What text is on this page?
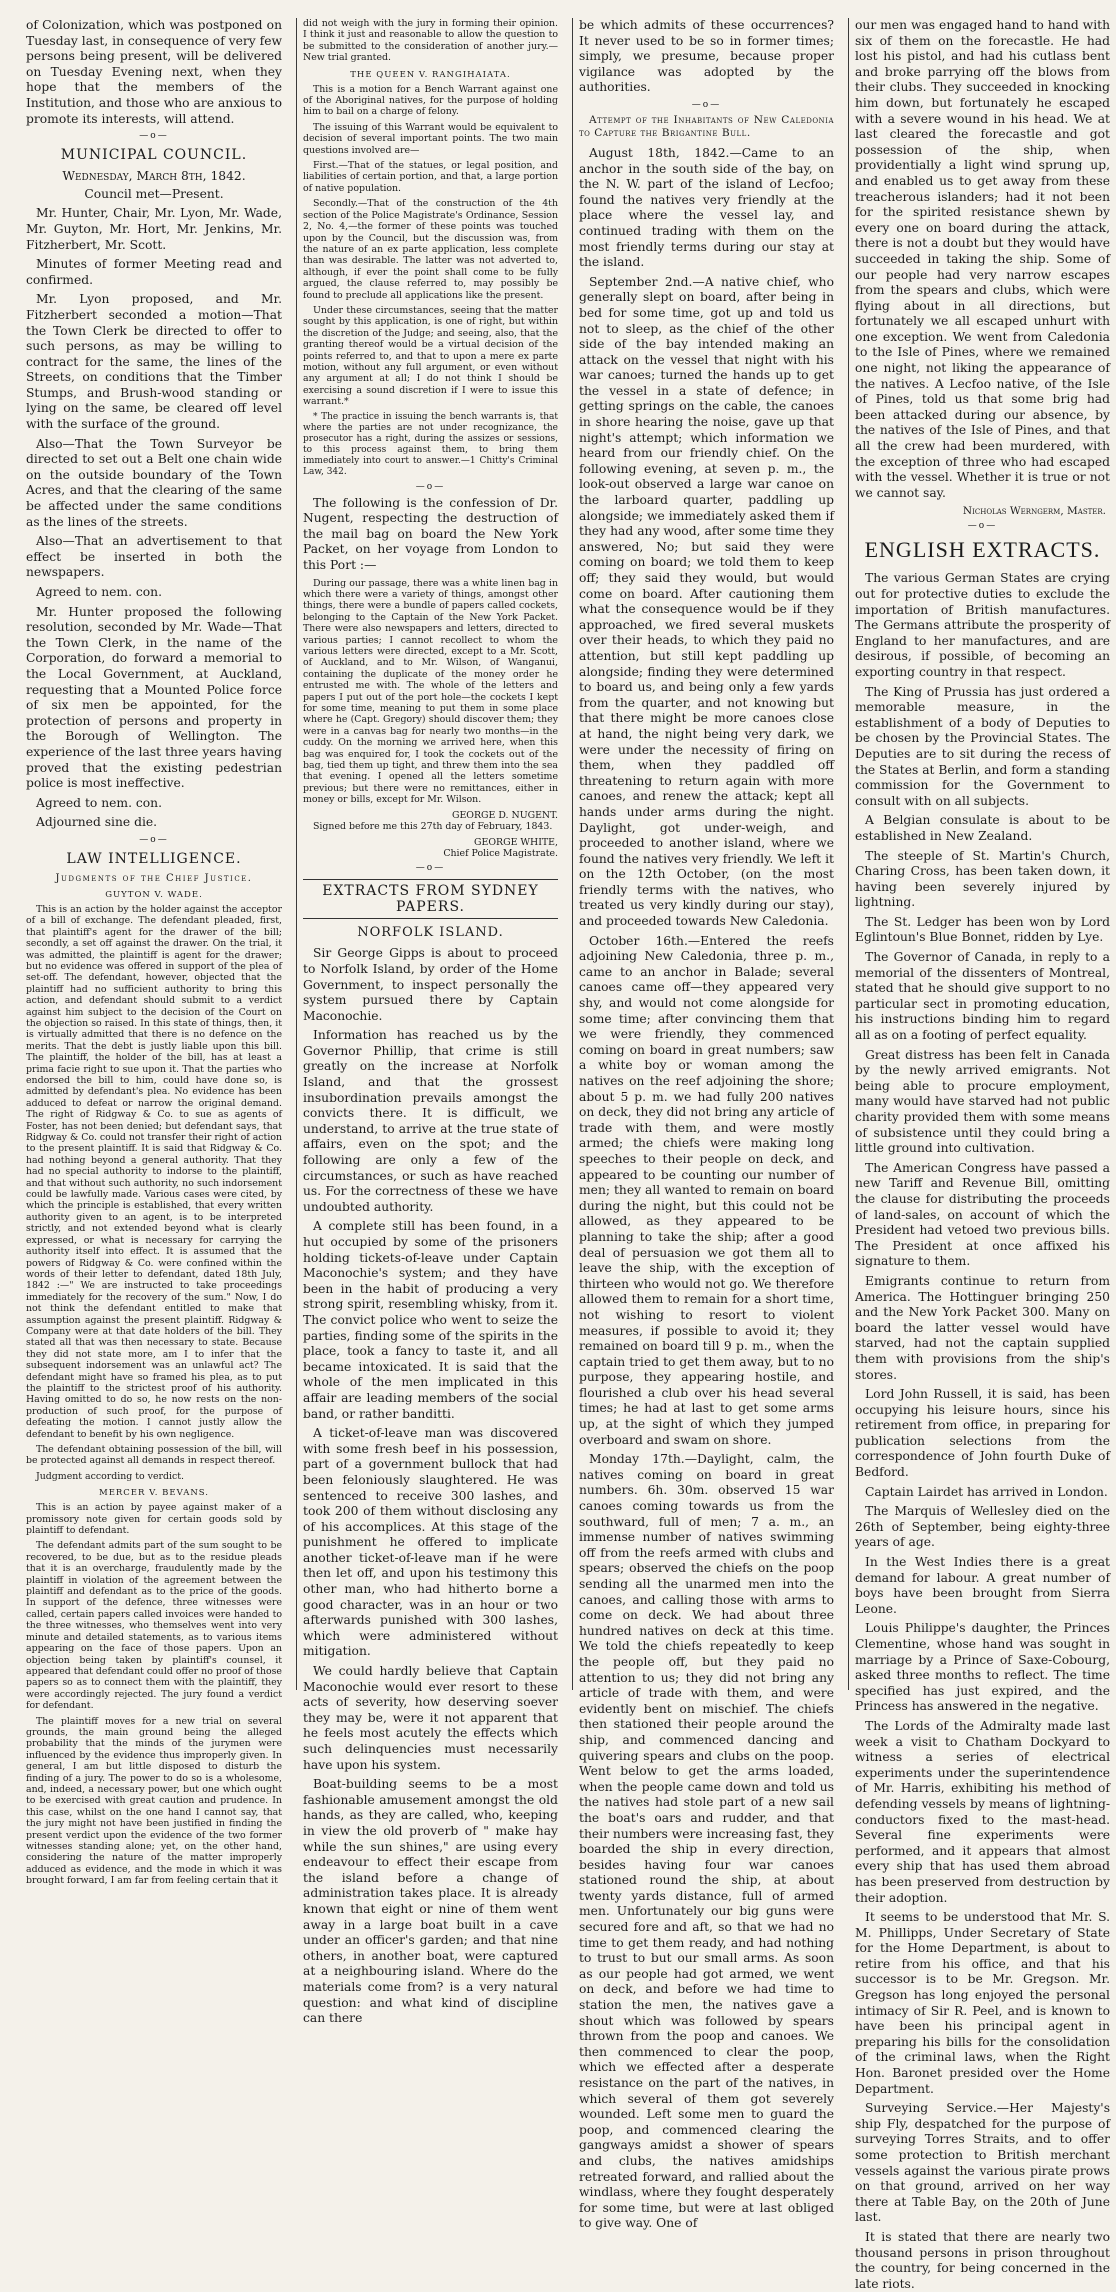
of Colonization, which was postponed on Tuesday last, in consequence of very few persons being present, will be delivered on Tuesday Evening next, when they hope that the members of the Institution, and those who are anxious to promote its interests, will attend.

—o—
MUNICIPAL COUNCIL.
Wednesday, March 8th, 1842.

Council met—Present.

Mr. Hunter, Chair, Mr. Lyon, Mr. Wade, Mr. Guyton, Mr. Hort, Mr. Jenkins, Mr. Fitzherbert, Mr. Scott.

Minutes of former Meeting read and confirmed.

Mr. Lyon proposed, and Mr. Fitzherbert seconded a motion—That the Town Clerk be directed to offer to such persons, as may be willing to contract for the same, the lines of the Streets, on conditions that the Timber Stumps, and Brush-wood standing or lying on the same, be cleared off level with the surface of the ground.

Also—That the Town Surveyor be directed to set out a Belt one chain wide on the outside boundary of the Town Acres, and that the clearing of the same be affected under the same conditions as the lines of the streets.

Also—That an advertisement to that effect be inserted in both the newspapers.

Agreed to nem. con.

Mr. Hunter proposed the following resolution, seconded by Mr. Wade—That the Town Clerk, in the name of the Corporation, do forward a memorial to the Local Government, at Auckland, requesting that a Mounted Police force of six men be appointed, for the protection of persons and property in the Borough of Wellington. The experience of the last three years having proved that the existing pedestrian police is most ineffective.

Agreed to nem. con.

Adjourned sine die.

—o—
LAW INTELLIGENCE.
Judgments of the Chief Justice.
GUYTON V. WADE.

This is an action by the holder against the acceptor of a bill of exchange. The defendant pleaded, first, that plaintiff's agent for the drawer of the bill; secondly, a set off against the drawer. On the trial, it was admitted, the plaintiff is agent for the drawer; but no evidence was offered in support of the plea of set-off. The defendant, however, objected that the plaintiff had no sufficient authority to bring this action, and defendant should submit to a verdict against him subject to the decision of the Court on the objection so raised. In this state of things, then, it is virtually admitted that there is no defence on the merits. That the debt is justly liable upon this bill. The plaintiff, the holder of the bill, has at least a prima facie right to sue upon it. That the parties who endorsed the bill to him, could have done so, is admitted by defendant's plea. No evidence has been adduced to defeat or narrow the original demand. The right of Ridgway & Co. to sue as agents of Foster, has not been denied; but defendant says, that Ridgway & Co. could not transfer their right of action to the present plaintiff. It is said that Ridgway & Co. had nothing beyond a general authority. That they had no special authority to indorse to the plaintiff, and that without such authority, no such indorsement could be lawfully made. Various cases were cited, by which the principle is established, that every written authority given to an agent, is to be interpreted strictly, and not extended beyond what is clearly expressed, or what is necessary for carrying the authority itself into effect. It is assumed that the powers of Ridgway & Co. were confined within the words of their letter to defendant, dated 18th July, 1842 :—" We are instructed to take proceedings immediately for the recovery of the sum." Now, I do not think the defendant entitled to make that assumption against the present plaintiff. Ridgway & Company were at that date holders of the bill. They stated all that was then necessary to state. Because they did not state more, am I to infer that the subsequent indorsement was an unlawful act? The defendant might have so framed his plea, as to put the plaintiff to the strictest proof of his authority. Having omitted to do so, he now rests on the non-production of such proof, for the purpose of defeating the motion. I cannot justly allow the defendant to benefit by his own negligence.

The defendant obtaining possession of the bill, will be protected against all demands in respect thereof.

Judgment according to verdict.

MERCER V. BEVANS.

This is an action by payee against maker of a promissory note given for certain goods sold by plaintiff to defendant.

The defendant admits part of the sum sought to be recovered, to be due, but as to the residue pleads that it is an overcharge, fraudulently made by the plaintiff in violation of the agreement between the plaintiff and defendant as to the price of the goods. In support of the defence, three witnesses were called, certain papers called invoices were handed to the three witnesses, who themselves went into very minute and detailed statements, as to various items appearing on the face of those papers. Upon an objection being taken by plaintiff's counsel, it appeared that defendant could offer no proof of those papers so as to connect them with the plaintiff, they were accordingly rejected. The jury found a verdict for defendant.

The plaintiff moves for a new trial on several grounds, the main ground being the alleged probability that the minds of the jurymen were influenced by the evidence thus improperly given. In general, I am but little disposed to disturb the finding of a jury. The power to do so is a wholesome, and, indeed, a necessary power, but one which ought to be exercised with great caution and prudence. In this case, whilst on the one hand I cannot say, that the jury might not have been justified in finding the present verdict upon the evidence of the two former witnesses standing alone; yet, on the other hand, considering the nature of the matter improperly adduced as evidence, and the mode in which it was brought forward, I am far from feeling certain that it

did not weigh with the jury in forming their opinion. I think it just and reasonable to allow the question to be submitted to the consideration of another jury.—New trial granted.

THE QUEEN V. RANGIHAIATA.

This is a motion for a Bench Warrant against one of the Aboriginal natives, for the purpose of holding him to bail on a charge of felony.

The issuing of this Warrant would be equivalent to decision of several important points. The two main questions involved are—

First.—That of the statues, or legal position, and liabilities of certain portion, and that, a large portion of native population.

Secondly.—That of the construction of the 4th section of the Police Magistrate's Ordinance, Session 2, No. 4,—the former of these points was touched upon by the Council, but the discussion was, from the nature of an ex parte application, less complete than was desirable. The latter was not adverted to, although, if ever the point shall come to be fully argued, the clause referred to, may possibly be found to preclude all applications like the present.

Under these circumstances, seeing that the matter sought by this application, is one of right, but within the discretion of the Judge; and seeing, also, that the granting thereof would be a virtual decision of the points referred to, and that to upon a mere ex parte motion, without any full argument, or even without any argument at all; I do not think I should be exercising a sound discretion if I were to issue this warrant.*

* The practice in issuing the bench warrants is, that where the parties are not under recognizance, the prosecutor has a right, during the assizes or sessions, to this process against them, to bring them immediately into court to answer.—1 Chitty's Criminal Law, 342.

—o—

The following is the confession of Dr. Nugent, respecting the destruction of the mail bag on board the New York Packet, on her voyage from London to this Port :—

During our passage, there was a white linen bag in which there were a variety of things, amongst other things, there were a bundle of papers called cockets, belonging to the Captain of the New York Packet. There were also newspapers and letters, directed to various parties; I cannot recollect to whom the various letters were directed, except to a Mr. Scott, of Auckland, and to Mr. Wilson, of Wanganui, containing the duplicate of the money order he entrusted me with. The whole of the letters and papers I put out of the port hole—the cockets I kept for some time, meaning to put them in some place where he (Capt. Gregory) should discover them; they were in a canvas bag for nearly two months—in the cuddy. On the morning we arrived here, when this bag was enquired for, I took the cockets out of the bag, tied them up tight, and threw them into the sea that evening. I opened all the letters sometime previous; but there were no remittances, either in money or bills, except for Mr. Wilson.

GEORGE D. NUGENT.

Signed before me this 27th day of February, 1843.

GEORGE WHITE,

Chief Police Magistrate.

—o—
EXTRACTS FROM SYDNEY PAPERS.
NORFOLK ISLAND.

Sir George Gipps is about to proceed to Norfolk Island, by order of the Home Government, to inspect personally the system pursued there by Captain Maconochie.

Information has reached us by the Governor Phillip, that crime is still greatly on the increase at Norfolk Island, and that the grossest insubordination prevails amongst the convicts there. It is difficult, we understand, to arrive at the true state of affairs, even on the spot; and the following are only a few of the circumstances, or such as have reached us. For the correctness of these we have undoubted authority.

A complete still has been found, in a hut occupied by some of the prisoners holding tickets-of-leave under Captain Maconochie's system; and they have been in the habit of producing a very strong spirit, resembling whisky, from it. The convict police who went to seize the parties, finding some of the spirits in the place, took a fancy to taste it, and all became intoxicated. It is said that the whole of the men implicated in this affair are leading members of the social band, or rather banditti.

A ticket-of-leave man was discovered with some fresh beef in his possession, part of a government bullock that had been feloniously slaughtered. He was sentenced to receive 300 lashes, and took 200 of them without disclosing any of his accomplices. At this stage of the punishment he offered to implicate another ticket-of-leave man if he were then let off, and upon his testimony this other man, who had hitherto borne a good character, was in an hour or two afterwards punished with 300 lashes, which were administered without mitigation.

We could hardly believe that Captain Maconochie would ever resort to these acts of severity, how deserving soever they may be, were it not apparent that he feels most acutely the effects which such delinquencies must necessarily have upon his system.

Boat-building seems to be a most fashionable amusement amongst the old hands, as they are called, who, keeping in view the old proverb of " make hay while the sun shines," are using every endeavour to effect their escape from the island before a change of administration takes place. It is already known that eight or nine of them went away in a large boat built in a cave under an officer's garden; and that nine others, in another boat, were captured at a neighbouring island. Where do the materials come from? is a very natural question: and what kind of discipline can there

be which admits of these occurrences? It never used to be so in former times; simply, we presume, because proper vigilance was adopted by the authorities.

—o—

Attempt of the Inhabitants of New Caledonia to Capture the Brigantine Bull.

August 18th, 1842.—Came to an anchor in the south side of the bay, on the N. W. part of the island of Lecfoo; found the natives very friendly at the place where the vessel lay, and continued trading with them on the most friendly terms during our stay at the island.

September 2nd.—A native chief, who generally slept on board, after being in bed for some time, got up and told us not to sleep, as the chief of the other side of the bay intended making an attack on the vessel that night with his war canoes; turned the hands up to get the vessel in a state of defence; in getting springs on the cable, the canoes in shore hearing the noise, gave up that night's attempt; which information we heard from our friendly chief. On the following evening, at seven p. m., the look-out observed a large war canoe on the larboard quarter, paddling up alongside; we immediately asked them if they had any wood, after some time they answered, No; but said they were coming on board; we told them to keep off; they said they would, but would come on board. After cautioning them what the consequence would be if they approached, we fired several muskets over their heads, to which they paid no attention, but still kept paddling up alongside; finding they were determined to board us, and being only a few yards from the quarter, and not knowing but that there might be more canoes close at hand, the night being very dark, we were under the necessity of firing on them, when they paddled off threatening to return again with more canoes, and renew the attack; kept all hands under arms during the night. Daylight, got under-weigh, and proceeded to another island, where we found the natives very friendly. We left it on the 12th October, (on the most friendly terms with the natives, who treated us very kindly during our stay), and proceeded towards New Caledonia.

October 16th.—Entered the reefs adjoining New Caledonia, three p. m., came to an anchor in Balade; several canoes came off—they appeared very shy, and would not come alongside for some time; after convincing them that we were friendly, they commenced coming on board in great numbers; saw a white boy or woman among the natives on the reef adjoining the shore; about 5 p. m. we had fully 200 natives on deck, they did not bring any article of trade with them, and were mostly armed; the chiefs were making long speeches to their people on deck, and appeared to be counting our number of men; they all wanted to remain on board during the night, but this could not be allowed, as they appeared to be planning to take the ship; after a good deal of persuasion we got them all to leave the ship, with the exception of thirteen who would not go. We therefore allowed them to remain for a short time, not wishing to resort to violent measures, if possible to avoid it; they remained on board till 9 p. m., when the captain tried to get them away, but to no purpose, they appearing hostile, and flourished a club over his head several times; he had at last to get some arms up, at the sight of which they jumped overboard and swam on shore.

Monday 17th.—Daylight, calm, the natives coming on board in great numbers. 6h. 30m. observed 15 war canoes coming towards us from the southward, full of men; 7 a. m., an immense number of natives swimming off from the reefs armed with clubs and spears; observed the chiefs on the poop sending all the unarmed men into the canoes, and calling those with arms to come on deck. We had about three hundred natives on deck at this time. We told the chiefs repeatedly to keep the people off, but they paid no attention to us; they did not bring any article of trade with them, and were evidently bent on mischief. The chiefs then stationed their people around the ship, and commenced dancing and quivering spears and clubs on the poop. Went below to get the arms loaded, when the people came down and told us the natives had stole part of a new sail the boat's oars and rudder, and that their numbers were increasing fast, they boarded the ship in every direction, besides having four war canoes stationed round the ship, at about twenty yards distance, full of armed men. Unfortunately our big guns were secured fore and aft, so that we had no time to get them ready, and had nothing to trust to but our small arms. As soon as our people had got armed, we went on deck, and before we had time to station the men, the natives gave a shout which was followed by spears thrown from the poop and canoes. We then commenced to clear the poop, which we effected after a desperate resistance on the part of the natives, in which several of them got severely wounded. Left some men to guard the poop, and commenced clearing the gangways amidst a shower of spears and clubs, the natives amidships retreated forward, and rallied about the windlass, where they fought desperately for some time, but were at last obliged to give way. One of

our men was engaged hand to hand with six of them on the forecastle. He had lost his pistol, and had his cutlass bent and broke parrying off the blows from their clubs. They succeeded in knocking him down, but fortunately he escaped with a severe wound in his head. We at last cleared the forecastle and got possession of the ship, when providentially a light wind sprung up, and enabled us to get away from these treacherous islanders; had it not been for the spirited resistance shewn by every one on board during the attack, there is not a doubt but they would have succeeded in taking the ship. Some of our people had very narrow escapes from the spears and clubs, which were flying about in all directions, but fortunately we all escaped unhurt with one exception. We went from Caledonia to the Isle of Pines, where we remained one night, not liking the appearance of the natives. A Lecfoo native, of the Isle of Pines, told us that some brig had been attacked during our absence, by the natives of the Isle of Pines, and that all the crew had been murdered, with the exception of three who had escaped with the vessel. Whether it is true or not we cannot say.

Nicholas Werngerm, Master.

—o—
ENGLISH EXTRACTS.

The various German States are crying out for protective duties to exclude the importation of British manufactures. The Germans attribute the prosperity of England to her manufactures, and are desirous, if possible, of becoming an exporting country in that respect.

The King of Prussia has just ordered a memorable measure, in the establishment of a body of Deputies to be chosen by the Provincial States. The Deputies are to sit during the recess of the States at Berlin, and form a standing commission for the Government to consult with on all subjects.

A Belgian consulate is about to be established in New Zealand.

The steeple of St. Martin's Church, Charing Cross, has been taken down, it having been severely injured by lightning.

The St. Ledger has been won by Lord Eglintoun's Blue Bonnet, ridden by Lye.

The Governor of Canada, in reply to a memorial of the dissenters of Montreal, stated that he should give support to no particular sect in promoting education, his instructions binding him to regard all as on a footing of perfect equality.

Great distress has been felt in Canada by the newly arrived emigrants. Not being able to procure employment, many would have starved had not public charity provided them with some means of subsistence until they could bring a little ground into cultivation.

The American Congress have passed a new Tariff and Revenue Bill, omitting the clause for distributing the proceeds of land-sales, on account of which the President had vetoed two previous bills. The President at once affixed his signature to them.

Emigrants continue to return from America. The Hottinguer bringing 250 and the New York Packet 300. Many on board the latter vessel would have starved, had not the captain supplied them with provisions from the ship's stores.

Lord John Russell, it is said, has been occupying his leisure hours, since his retirement from office, in preparing for publication selections from the correspondence of John fourth Duke of Bedford.

Captain Lairdet has arrived in London.

The Marquis of Wellesley died on the 26th of September, being eighty-three years of age.

In the West Indies there is a great demand for labour. A great number of boys have been brought from Sierra Leone.

Louis Philippe's daughter, the Princes Clementine, whose hand was sought in marriage by a Prince of Saxe-Cobourg, asked three months to reflect. The time specified has just expired, and the Princess has answered in the negative.

The Lords of the Admiralty made last week a visit to Chatham Dockyard to witness a series of electrical experiments under the superintendence of Mr. Harris, exhibiting his method of defending vessels by means of lightning-conductors fixed to the mast-head. Several fine experiments were performed, and it appears that almost every ship that has used them abroad has been preserved from destruction by their adoption.

It seems to be understood that Mr. S. M. Phillipps, Under Secretary of State for the Home Department, is about to retire from his office, and that his successor is to be Mr. Gregson. Mr. Gregson has long enjoyed the personal intimacy of Sir R. Peel, and is known to have been his principal agent in preparing his bills for the consolidation of the criminal laws, when the Right Hon. Baronet presided over the Home Department.

Surveying Service.—Her Majesty's ship Fly, despatched for the purpose of surveying Torres Straits, and to offer some protection to British merchant vessels against the various pirate prows on that ground, arrived on her way there at Table Bay, on the 20th of June last.

It is stated that there are nearly two thousand persons in prison throughout the country, for being concerned in the late riots.
